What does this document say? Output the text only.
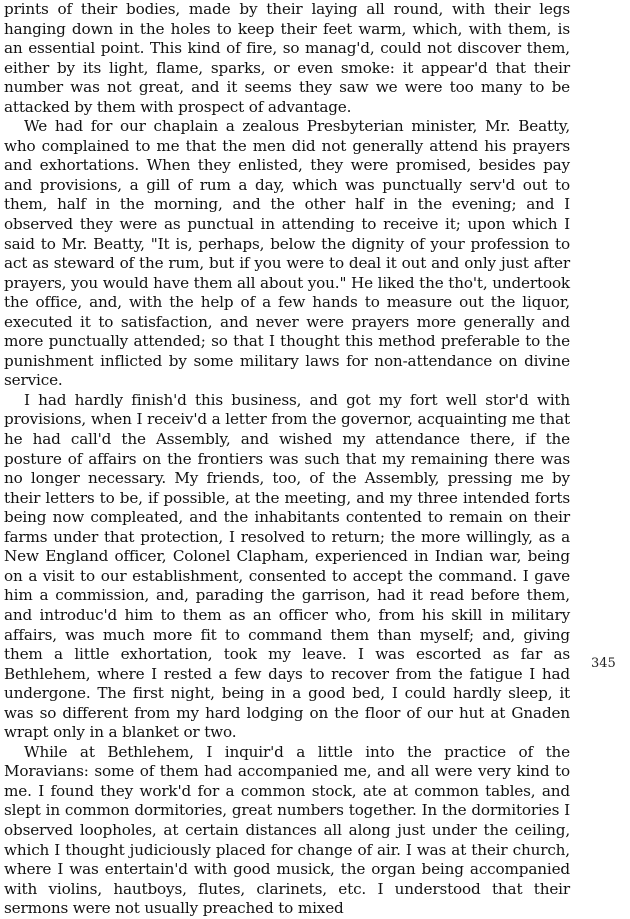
prints of their bodies, made by their laying all round, with their legs hanging down in the holes to keep their feet warm, which, with them, is an essential point. This kind of fire, so manag'd, could not discover them, either by its light, flame, sparks, or even smoke: it appear'd that their number was not great, and it seems they saw we were too many to be attacked by them with prospect of advantage.

We had for our chaplain a zealous Presbyterian minister, Mr. Beatty, who complained to me that the men did not generally attend his prayers and exhortations. When they enlisted, they were promised, besides pay and provisions, a gill of rum a day, which was punctually serv'd out to them, half in the morning, and the other half in the evening; and I observed they were as punctual in attending to receive it; upon which I said to Mr. Beatty, "It is, perhaps, below the dignity of your profession to act as steward of the rum, but if you were to deal it out and only just after prayers, you would have them all about you." He liked the tho't, undertook the office, and, with the help of a few hands to measure out the liquor, executed it to satisfaction, and never were prayers more generally and more punctually attended; so that I thought this method preferable to the punishment inflicted by some military laws for non-attendance on divine service.

I had hardly finish'd this business, and got my fort well stor'd with provisions, when I receiv'd a letter from the governor, acquainting me that he had call'd the Assembly, and wished my attendance there, if the posture of affairs on the frontiers was such that my remaining there was no longer necessary. My friends, too, of the Assembly, pressing me by their letters to be, if possible, at the meeting, and my three intended forts being now compleated, and the inhabitants contented to remain on their farms under that protection, I resolved to return; the more willingly, as a New England officer, Colonel Clapham, experienced in Indian war, being on a visit to our establishment, consented to accept the command. I gave him a commission, and, parading the garrison, had it read before them, and introduc'd him to them as an officer who, from his skill in military affairs, was much more fit to command them than myself; and, giving them a little exhortation, took my leave. I was escorted as far as Bethlehem, where I rested a few days to recover from the fatigue I had undergone. The first night, being in a good bed, I could hardly sleep, it was so different from my hard lodging on the floor of our hut at Gnaden wrapt only in a blanket or two.

While at Bethlehem, I inquir'd a little into the practice of the Moravians: some of them had accompanied me, and all were very kind to me. I found they work'd for a common stock, ate at common tables, and slept in common dormitories, great numbers together. In the dormitories I observed loopholes, at certain distances all along just under the ceiling, which I thought judiciously placed for change of air. I was at their church, where I was entertain'd with good musick, the organ being accompanied with violins, hautboys, flutes, clarinets, etc. I understood that their sermons were not usually preached to mixed

345
